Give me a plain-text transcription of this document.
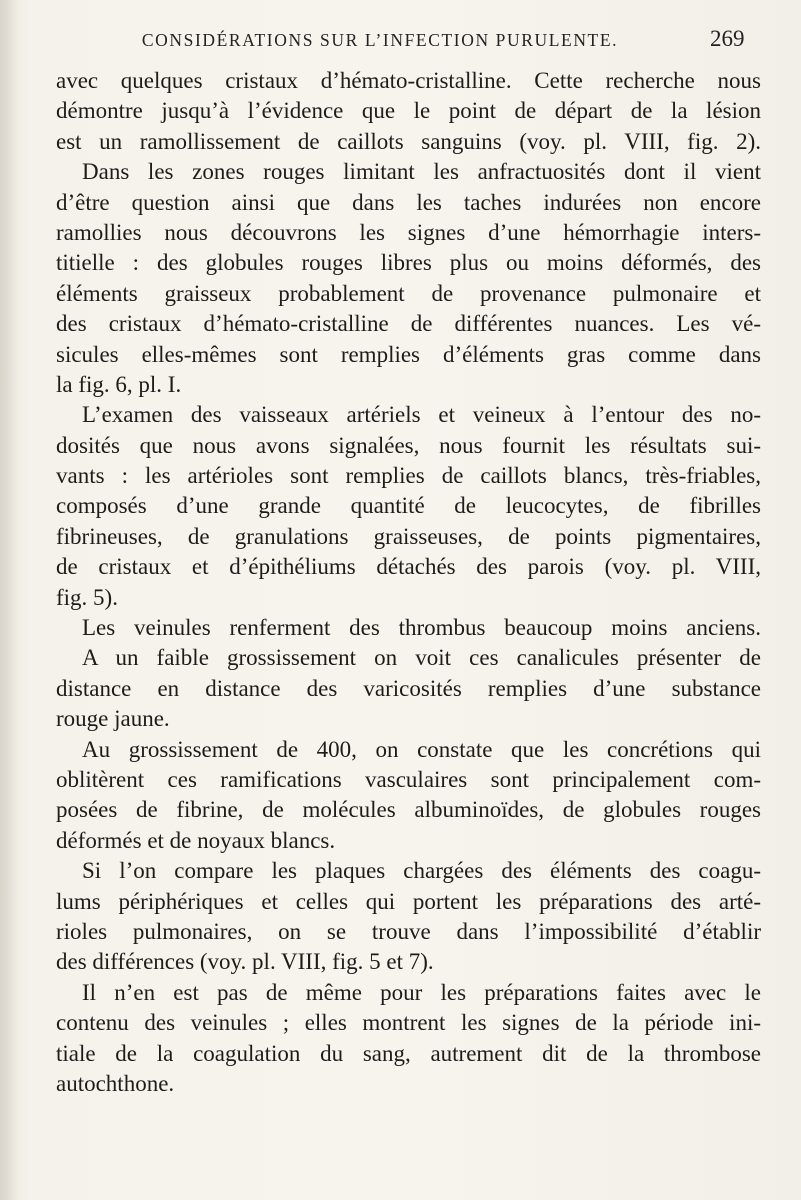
CONSIDÉRATIONS SUR L’INFECTION PURULENTE.	269
avec quelques cristaux d’hémato-cristalline. Cette recherche nous
démontre jusqu’à l’évidence que le point de départ de la lésion
est un ramollissement de caillots sanguins (voy. pl. VIII, fig. 2).
Dans les zones rouges limitant les anfractuosités dont il vient
d’être question ainsi que dans les taches indurées non encore
ramollies nous découvrons les signes d’une hémorrhagie inters-
titielle : des globules rouges libres plus ou moins déformés, des
éléments graisseux probablement de provenance pulmonaire et
des cristaux d’hémato-cristalline de différentes nuances. Les vé-
sicules elles-mêmes sont remplies d’éléments gras comme dans
la fig. 6, pl. I.
L’examen des vaisseaux artériels et veineux à l’entour des no-
dosités que nous avons signalées, nous fournit les résultats sui-
vants : les artérioles sont remplies de caillots blancs, très-friables,
composés d’une grande quantité de leucocytes, de fibrilles
fibrineuses, de granulations graisseuses, de points pigmentaires,
de cristaux et d’épithéliums détachés des parois (voy. pl. VIII,
fig. 5).
Les veinules renferment des thrombus beaucoup moins anciens.
A un faible grossissement on voit ces canalicules présenter de
distance en distance des varicosités remplies d’une substance
rouge jaune.
Au grossissement de 400, on constate que les concrétions qui
oblitèrent ces ramifications vasculaires sont principalement com-
posées de fibrine, de molécules albuminoïdes, de globules rouges
déformés et de noyaux blancs.
Si l’on compare les plaques chargées des éléments des coagu-
lums périphériques et celles qui portent les préparations des arté-
rioles pulmonaires, on se trouve dans l’impossibilité d’établir
des différences (voy. pl. VIII, fig. 5 et 7).
Il n’en est pas de même pour les préparations faites avec le
contenu des veinules ; elles montrent les signes de la période ini-
tiale de la coagulation du sang, autrement dit de la thrombose
autochthone.
